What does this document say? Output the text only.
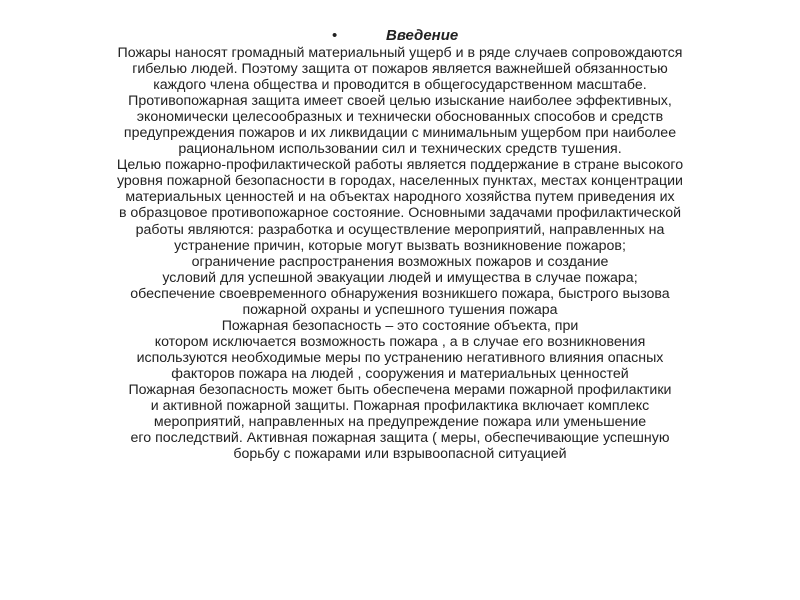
•	Введение
Пожары наносят громадный материальный ущерб и в ряде случаев сопровождаются
гибелью людей. Поэтому защита от пожаров является важнейшей обязанностью
каждого члена общества и проводится в общегосударственном масштабе.
Противопожарная защита имеет своей целью изыскание наиболее эффективных,
экономически целесообразных и технически обоснованных способов и средств
предупреждения пожаров и их ликвидации с минимальным ущербом при наиболее
рациональном использовании сил и технических средств тушения.
Целью пожарно-профилактической работы является поддержание в стране высокого
уровня пожарной безопасности в городах, населенных пунктах, местах концентрации
материальных ценностей и на объектах народного хозяйства путем приведения их
в образцовое противопожарное состояние. Основными задачами профилактической
работы являются: разработка и осуществление мероприятий, направленных на
устранение причин, которые могут вызвать возникновение пожаров;
ограничение распространения возможных пожаров и создание
условий для успешной эвакуации людей и имущества в случае пожара;
обеспечение своевременного обнаружения возникшего пожара, быстрого вызова
пожарной охраны и успешного тушения пожара
Пожарная безопасность – это состояние объекта, при
котором исключается возможность пожара , а в случае его возникновения
используются необходимые меры по устранению негативного влияния опасных
факторов пожара на людей , сооружения и материальных ценностей
Пожарная безопасность может быть обеспечена мерами пожарной профилактики
и активной пожарной защиты. Пожарная профилактика включает комплекс
мероприятий, направленных на предупреждение пожара или уменьшение
его последствий. Активная пожарная защита ( меры, обеспечивающие успешную
борьбу с пожарами или взрывоопасной ситуацией
